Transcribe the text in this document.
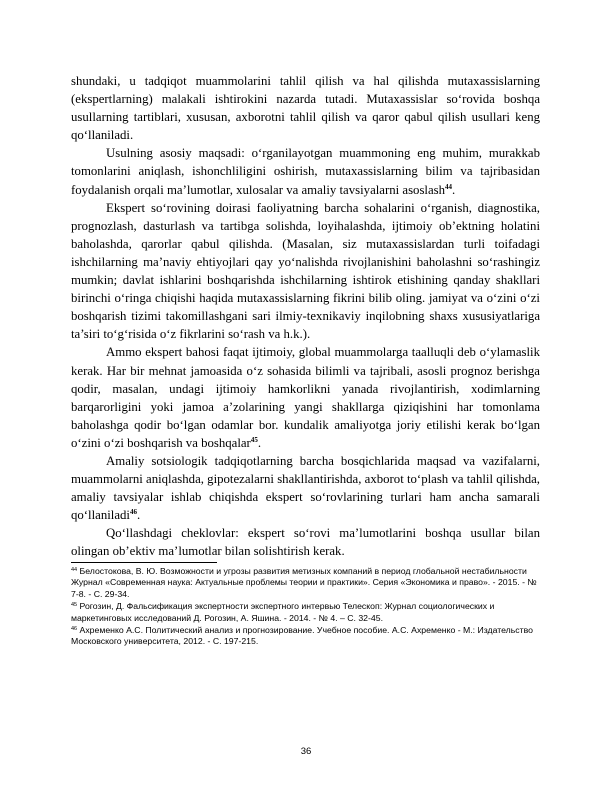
shundaki, u tadqiqot muammolarini tahlil qilish va hal qilishda mutaxassislarning (ekspertlarning) malakali ishtirokini nazarda tutadi. Mutaxassislar so‘rovida boshqa usullarning tartiblari, xususan, axborotni tahlil qilish va qaror qabul qilish usullari keng qo‘llaniladi.

Usulning asosiy maqsadi: o‘rganilayotgan muammoning eng muhim, murakkab tomonlarini aniqlash, ishonchliligini oshirish, mutaxassislarning bilim va tajribasidan foydalanish orqali ma’lumotlar, xulosalar va amaliy tavsiyalarni asoslash$^{44}$.

Ekspert so‘rovining doirasi faoliyatning barcha sohalarini o‘rganish, diagnostika, prognozlash, dasturlash va tartibga solishda, loyihalashda, ijtimoiy ob’ektning holatini baholashda, qarorlar qabul qilishda. (Masalan, siz mutaxassislardan turli toifadagi ishchilarning ma’naviy ehtiyojlari qay yo‘nalishda rivojlanishini baholashni so‘rashingiz mumkin; davlat ishlarini boshqarishda ishchilarning ishtirok etishining qanday shakllari birinchi o‘ringa chiqishi haqida mutaxassislarning fikrini bilib oling. jamiyat va o‘zini o‘zi boshqarish tizimi takomillashgani sari ilmiy-texnikaviy inqilobning shaxs xususiyatlariga ta’siri to‘g‘risida o‘z fikrlarini so‘rash va h.k.).

Ammo ekspert bahosi faqat ijtimoiy, global muammolarga taalluqli deb o‘ylamaslik kerak. Har bir mehnat jamoasida o‘z sohasida bilimli va tajribali, asosli prognoz berishga qodir, masalan, undagi ijtimoiy hamkorlikni yanada rivojlantirish, xodimlarning barqarorligini yoki jamoa a’zolarining yangi shakllarga qiziqishini har tomonlama baholashga qodir bo‘lgan odamlar bor. kundalik amaliyotga joriy etilishi kerak bo‘lgan o‘zini o‘zi boshqarish va boshqalar$^{45}$.

Amaliy sotsiologik tadqiqotlarning barcha bosqichlarida maqsad va vazifalarni, muammolarni aniqlashda, gipotezalarni shakllantirishda, axborot to‘plash va tahlil qilishda, amaliy tavsiyalar ishlab chiqishda ekspert so‘rovlarining turlari ham ancha samarali qo‘llaniladi$^{46}$.

Qo‘llashdagi cheklovlar: ekspert so‘rovi ma’lumotlarini boshqa usullar bilan olingan ob’ektiv ma’lumotlar bilan solishtirish kerak.

$^{44}$ Белостокова, В. Ю. Возможности и угрозы развития метизных компаний в период глобальной нестабильности Журнал «Современная наука: Актуальные проблемы теории и практики». Серия «Экономика и право». - 2015. - № 7-8. - С. 29-34.

$^{45}$ Рогозин, Д. Фальсификация экспертности экспертного интервью Телескоп: Журнал социологических и маркетинговых исследований Д. Рогозин, А. Яшина. - 2014. - № 4. – С. 32-45.

$^{46}$ Ахременко А.С. Политический анализ и прогнозирование. Учебное пособие. А.С. Ахременко - М.: Издательство Московского университета, 2012. - С. 197-215.

36
